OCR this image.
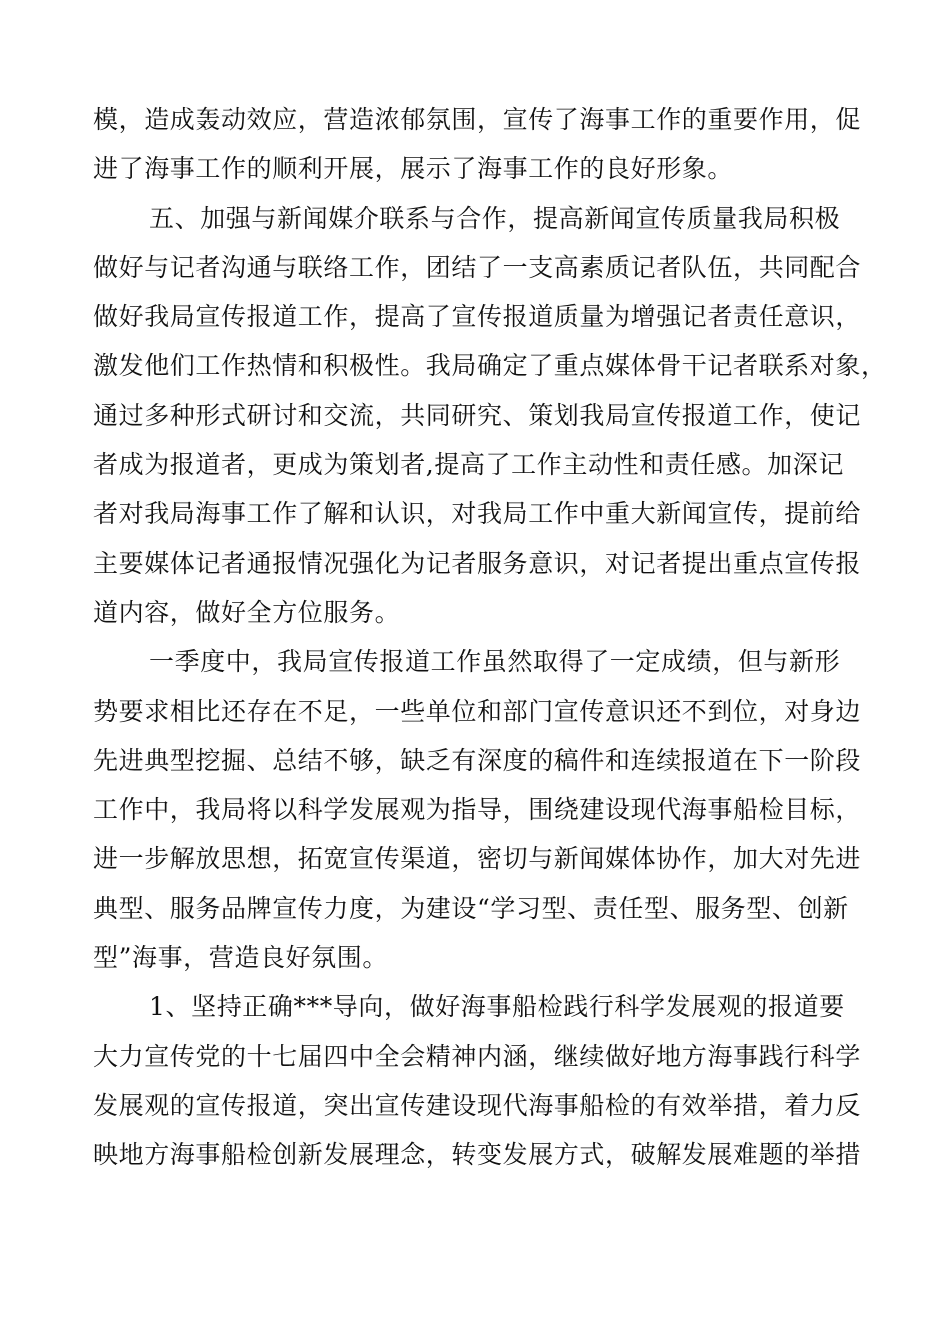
模，造成轰动效应，营造浓郁氛围，宣传了海事工作的重要作用，促
进了海事工作的顺利开展，展示了海事工作的良好形象。
五、加强与新闻媒介联系与合作，提高新闻宣传质量我局积极
做好与记者沟通与联络工作，团结了一支高素质记者队伍，共同配合
做好我局宣传报道工作，提高了宣传报道质量为增强记者责任意识，
激发他们工作热情和积极性。我局确定了重点媒体骨干记者联系对象，
通过多种形式研讨和交流，共同研究、策划我局宣传报道工作，使记
者成为报道者，更成为策划者,提高了工作主动性和责任感。加深记
者对我局海事工作了解和认识，对我局工作中重大新闻宣传，提前给
主要媒体记者通报情况强化为记者服务意识，对记者提出重点宣传报
道内容，做好全方位服务。
一季度中，我局宣传报道工作虽然取得了一定成绩，但与新形
势要求相比还存在不足，一些单位和部门宣传意识还不到位，对身边
先进典型挖掘、总结不够，缺乏有深度的稿件和连续报道在下一阶段
工作中，我局将以科学发展观为指导，围绕建设现代海事船检目标，
进一步解放思想，拓宽宣传渠道，密切与新闻媒体协作，加大对先进
典型、服务品牌宣传力度，为建设“学习型、责任型、服务型、创新
型”海事，营造良好氛围。
1、坚持正确***导向，做好海事船检践行科学发展观的报道要
大力宣传党的十七届四中全会精神内涵，继续做好地方海事践行科学
发展观的宣传报道，突出宣传建设现代海事船检的有效举措，着力反
映地方海事船检创新发展理念，转变发展方式，破解发展难题的举措
